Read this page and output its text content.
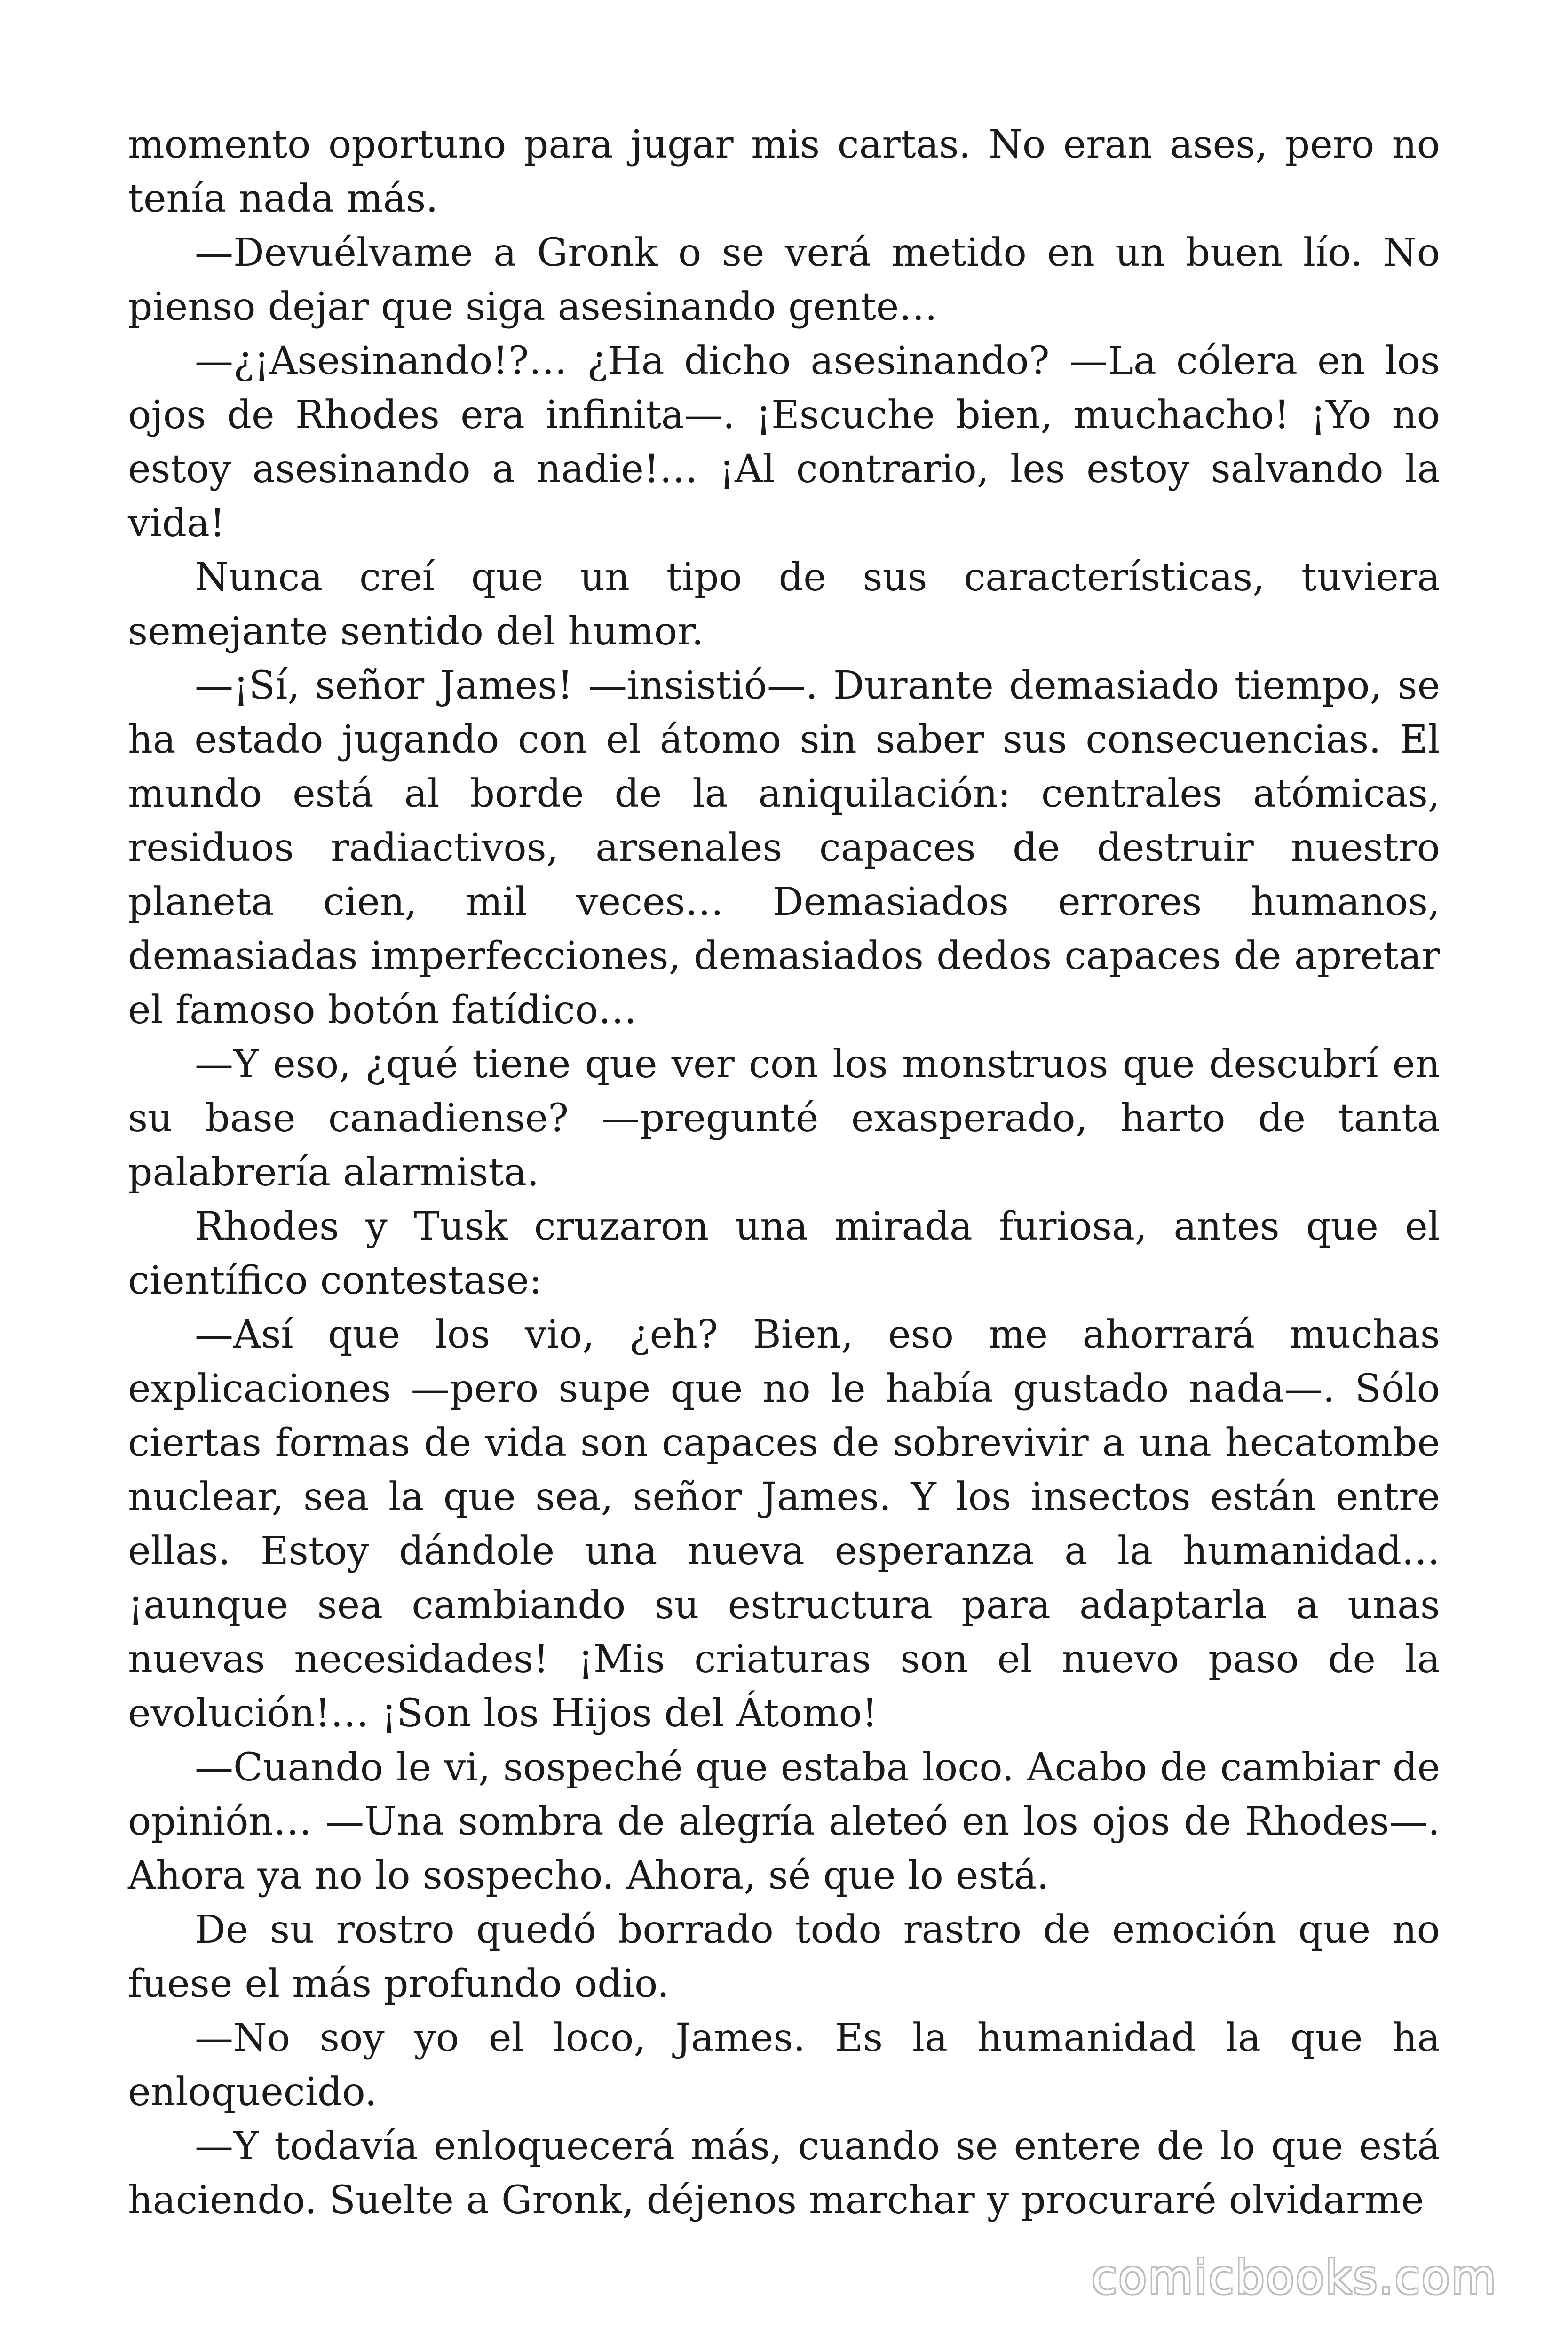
momento oportuno para jugar mis cartas. No eran ases, pero no tenía nada más.

—Devuélvame a Gronk o se verá metido en un buen lío. No pienso dejar que siga asesinando gente…

—¿¡Asesinando!?… ¿Ha dicho asesinando? —La cólera en los ojos de Rhodes era infinita—. ¡Escuche bien, muchacho! ¡Yo no estoy asesinando a nadie!… ¡Al contrario, les estoy salvando la vida!

Nunca creí que un tipo de sus características, tuviera semejante sentido del humor.

—¡Sí, señor James! —insistió—. Durante demasiado tiempo, se ha estado jugando con el átomo sin saber sus consecuencias. El mundo está al borde de la aniquilación: centrales atómicas, residuos radiactivos, arsenales capaces de destruir nuestro planeta cien, mil veces… Demasiados errores humanos, demasiadas imperfecciones, demasiados dedos capaces de apretar el famoso botón fatídico…

—Y eso, ¿qué tiene que ver con los monstruos que descubrí en su base canadiense? —pregunté exasperado, harto de tanta palabrería alarmista.

Rhodes y Tusk cruzaron una mirada furiosa, antes que el científico contestase:

—Así que los vio, ¿eh? Bien, eso me ahorrará muchas explicaciones —pero supe que no le había gustado nada—. Sólo ciertas formas de vida son capaces de sobrevivir a una hecatombe nuclear, sea la que sea, señor James. Y los insectos están entre ellas. Estoy dándole una nueva esperanza a la humanidad… ¡aunque sea cambiando su estructura para adaptarla a unas nuevas necesidades! ¡Mis criaturas son el nuevo paso de la evolución!… ¡Son los Hijos del Átomo!

—Cuando le vi, sospeché que estaba loco. Acabo de cambiar de opinión… —Una sombra de alegría aleteó en los ojos de Rhodes—. Ahora ya no lo sospecho. Ahora, sé que lo está.

De su rostro quedó borrado todo rastro de emoción que no fuese el más profundo odio.

—No soy yo el loco, James. Es la humanidad la que ha enloquecido.

—Y todavía enloquecerá más, cuando se entere de lo que está haciendo. Suelte a Gronk, déjenos marchar y procuraré olvidarme

comicbooks.com
